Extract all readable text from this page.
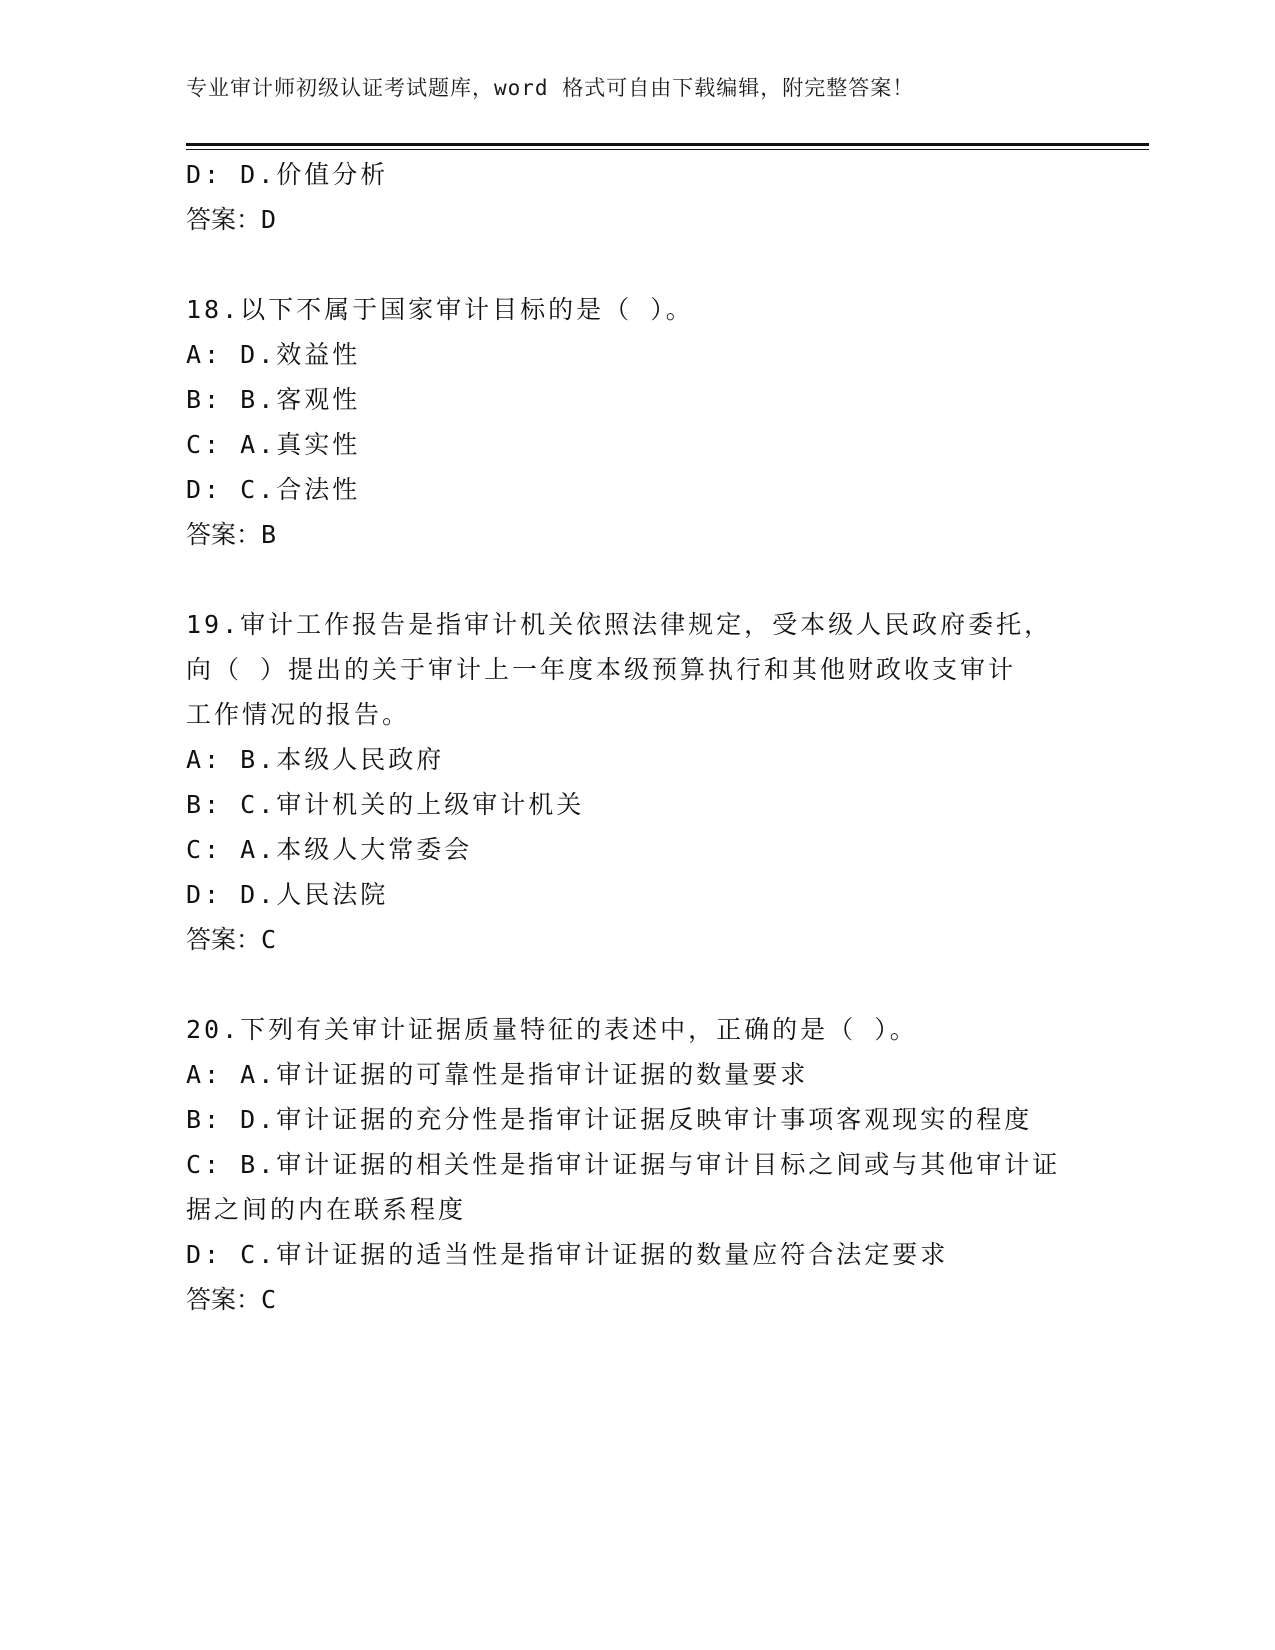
专业审计师初级认证考试题库，word 格式可自由下载编辑，附完整答案！
D: D.价值分析
答案：D
18.以下不属于国家审计目标的是（ ）。
A: D.效益性
B: B.客观性
C: A.真实性
D: C.合法性
答案：B
19.审计工作报告是指审计机关依照法律规定，受本级人民政府委托，
向（ ）提出的关于审计上一年度本级预算执行和其他财政收支审计
工作情况的报告。
A: B.本级人民政府
B: C.审计机关的上级审计机关
C: A.本级人大常委会
D: D.人民法院
答案：C
20.下列有关审计证据质量特征的表述中，正确的是（ ）。
A: A.审计证据的可靠性是指审计证据的数量要求
B: D.审计证据的充分性是指审计证据反映审计事项客观现实的程度
C: B.审计证据的相关性是指审计证据与审计目标之间或与其他审计证
据之间的内在联系程度
D: C.审计证据的适当性是指审计证据的数量应符合法定要求
答案：C
